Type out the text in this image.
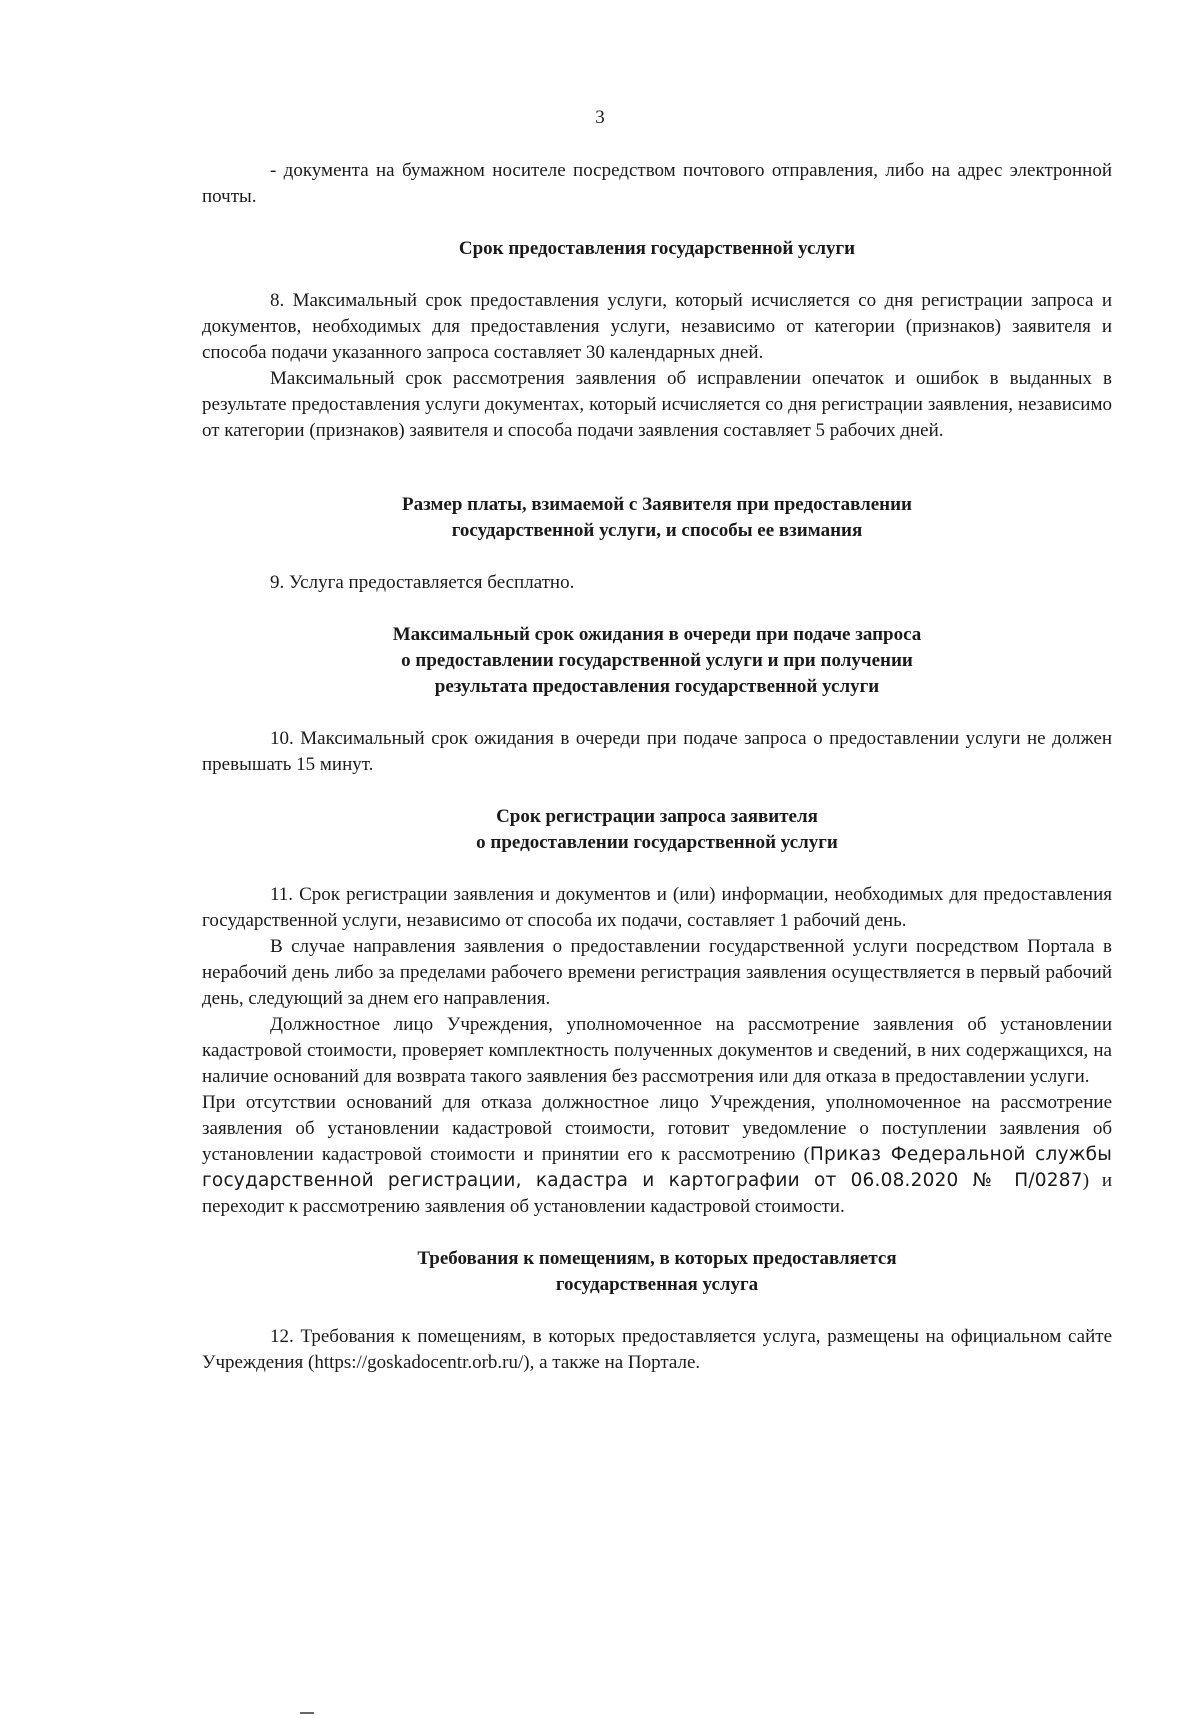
3

- документа на бумажном носителе посредством почтового отправления, либо на адрес электронной почты.

Срок предоставления государственной услуги

8. Максимальный срок предоставления услуги, который исчисляется со дня регистрации запроса и документов, необходимых для предоставления услуги, независимо от категории (признаков) заявителя и способа подачи указанного запроса составляет 30 календарных дней.

Максимальный срок рассмотрения заявления об исправлении опечаток и ошибок в выданных в результате предоставления услуги документах, который исчисляется со дня регистрации заявления, независимо от категории (признаков) заявителя и способа подачи заявления составляет 5 рабочих дней.

Размер платы, взимаемой с Заявителя при предоставлении
государственной услуги, и способы ее взимания

9. Услуга предоставляется бесплатно.

Максимальный срок ожидания в очереди при подаче запроса
о предоставлении государственной услуги и при получении
результата предоставления государственной услуги

10. Максимальный срок ожидания в очереди при подаче запроса о предоставлении услуги не должен превышать 15 минут.

Срок регистрации запроса заявителя
о предоставлении государственной услуги

11. Срок регистрации заявления и документов и (или) информации, необходимых для предоставления государственной услуги, независимо от способа их подачи, составляет 1 рабочий день.

В случае направления заявления о предоставлении государственной услуги посредством Портала в нерабочий день либо за пределами рабочего времени регистрация заявления осуществляется в первый рабочий день, следующий за днем его направления.

Должностное лицо Учреждения, уполномоченное на рассмотрение заявления об установлении кадастровой стоимости, проверяет комплектность полученных документов и сведений, в них содержащихся, на наличие оснований для возврата такого заявления без рассмотрения или для отказа в предоставлении услуги.

При отсутствии оснований для отказа должностное лицо Учреждения, уполномоченное на рассмотрение заявления об установлении кадастровой стоимости, готовит уведомление о поступлении заявления об установлении кадастровой стоимости и принятии его к рассмотрению (Приказ Федеральной службы государственной регистрации, кадастра и картографии от 06.08.2020 № П/0287) и переходит к рассмотрению заявления об установлении кадастровой стоимости.

Требования к помещениям, в которых предоставляется
государственная услуга

12. Требования к помещениям, в которых предоставляется услуга, размещены на официальном сайте Учреждения (https://goskadocentr.orb.ru/), а также на Портале.
